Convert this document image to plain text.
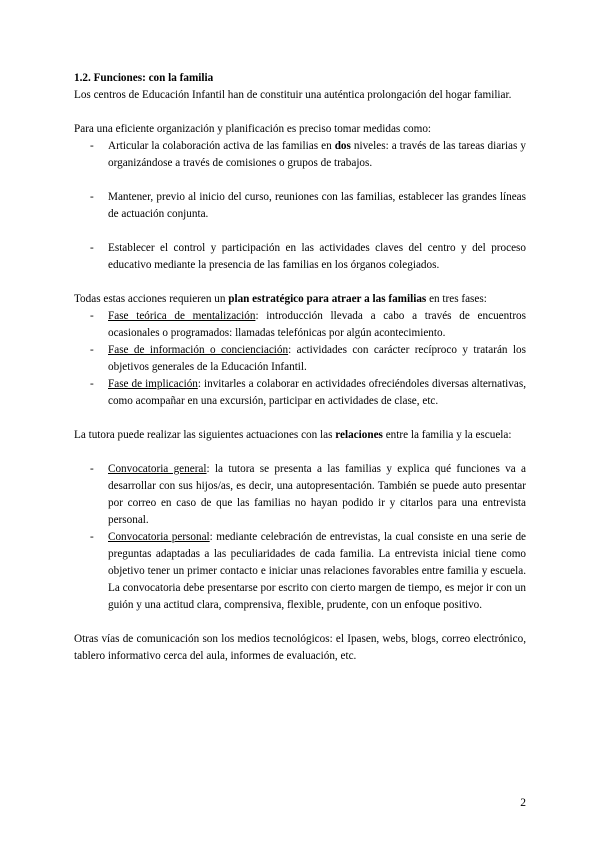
1.2. Funciones: con la familia

Los centros de Educación Infantil han de constituir una auténtica prolongación del hogar familiar.

Para una eficiente organización y planificación es preciso tomar medidas como:

- Articular la colaboración activa de las familias en dos niveles: a través de las tareas diarias y organizándose a través de comisiones o grupos de trabajos.
- Mantener, previo al inicio del curso, reuniones con las familias, establecer las grandes líneas de actuación conjunta.
- Establecer el control y participación en las actividades claves del centro y del proceso educativo mediante la presencia de las familias en los órganos colegiados.

Todas estas acciones requieren un plan estratégico para atraer a las familias en tres fases:

- Fase teórica de mentalización: introducción llevada a cabo a través de encuentros ocasionales o programados: llamadas telefónicas por algún acontecimiento.
- Fase de información o concienciación: actividades con carácter recíproco y tratarán los objetivos generales de la Educación Infantil.
- Fase de implicación: invitarles a colaborar en actividades ofreciéndoles diversas alternativas, como acompañar en una excursión, participar en actividades de clase, etc.

La tutora puede realizar las siguientes actuaciones con las relaciones entre la familia y la escuela:

- Convocatoria general: la tutora se presenta a las familias y explica qué funciones va a desarrollar con sus hijos/as, es decir, una autopresentación. También se puede auto presentar por correo en caso de que las familias no hayan podido ir y citarlos para una entrevista personal.
- Convocatoria personal: mediante celebración de entrevistas, la cual consiste en una serie de preguntas adaptadas a las peculiaridades de cada familia. La entrevista inicial tiene como objetivo tener un primer contacto e iniciar unas relaciones favorables entre familia y escuela. La convocatoria debe presentarse por escrito con cierto margen de tiempo, es mejor ir con un guión y una actitud clara, comprensiva, flexible, prudente, con un enfoque positivo.

Otras vías de comunicación son los medios tecnológicos: el Ipasen, webs, blogs, correo electrónico, tablero informativo cerca del aula, informes de evaluación, etc.

2
